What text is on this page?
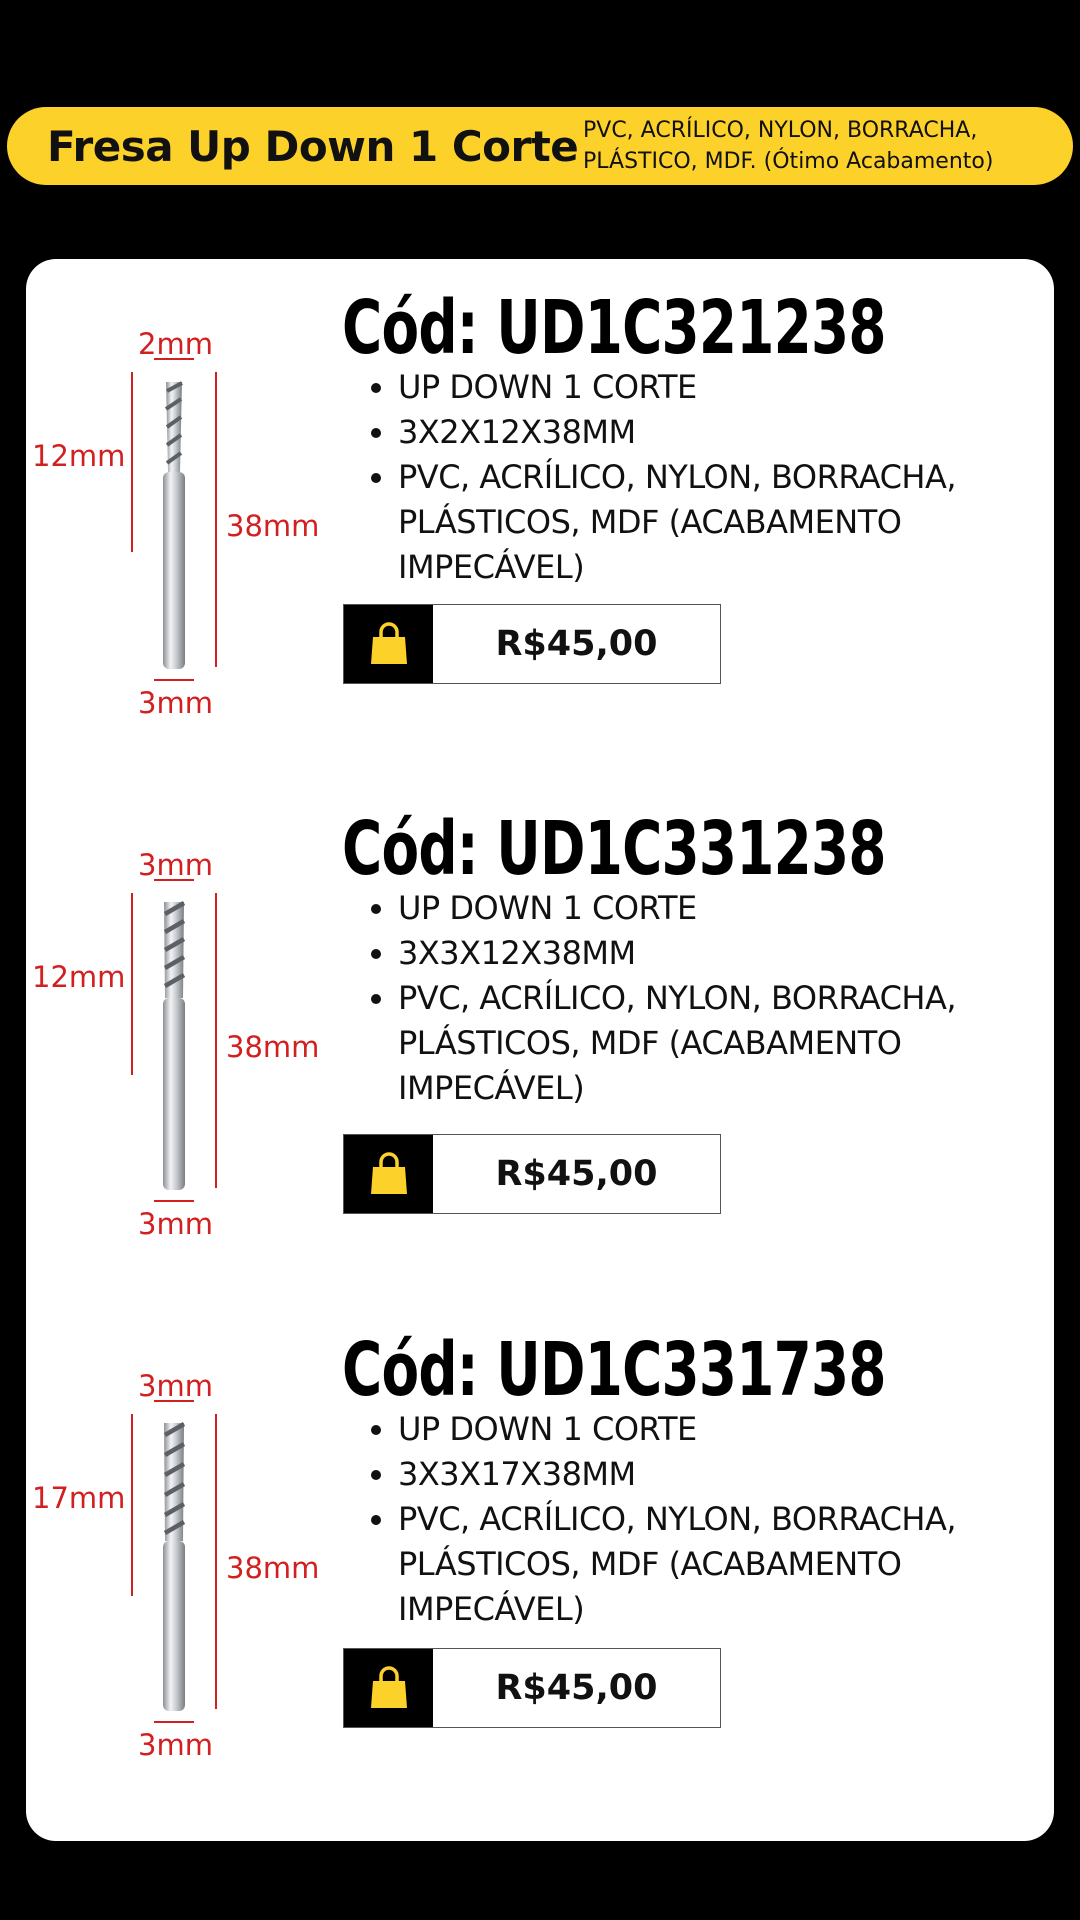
Fresa Up Down 1 Corte PVC, ACRÍLICO, NYLON, BORRACHA,
PLÁSTICO, MDF. (Ótimo Acabamento)
2mm
12mm
38mm
3mm
Cód: UD1C321238
• UP DOWN 1 CORTE
• 3X2X12X38MM
• PVC, ACRÍLICO, NYLON, BORRACHA, PLÁSTICOS, MDF (ACABAMENTO IMPECÁVEL)
R$45,00
3mm
12mm
38mm
3mm
Cód: UD1C331238
• UP DOWN 1 CORTE
• 3X3X12X38MM
• PVC, ACRÍLICO, NYLON, BORRACHA, PLÁSTICOS, MDF (ACABAMENTO IMPECÁVEL)
R$45,00
3mm
17mm
38mm
3mm
Cód: UD1C331738
• UP DOWN 1 CORTE
• 3X3X17X38MM
• PVC, ACRÍLICO, NYLON, BORRACHA, PLÁSTICOS, MDF (ACABAMENTO IMPECÁVEL)
R$45,00
